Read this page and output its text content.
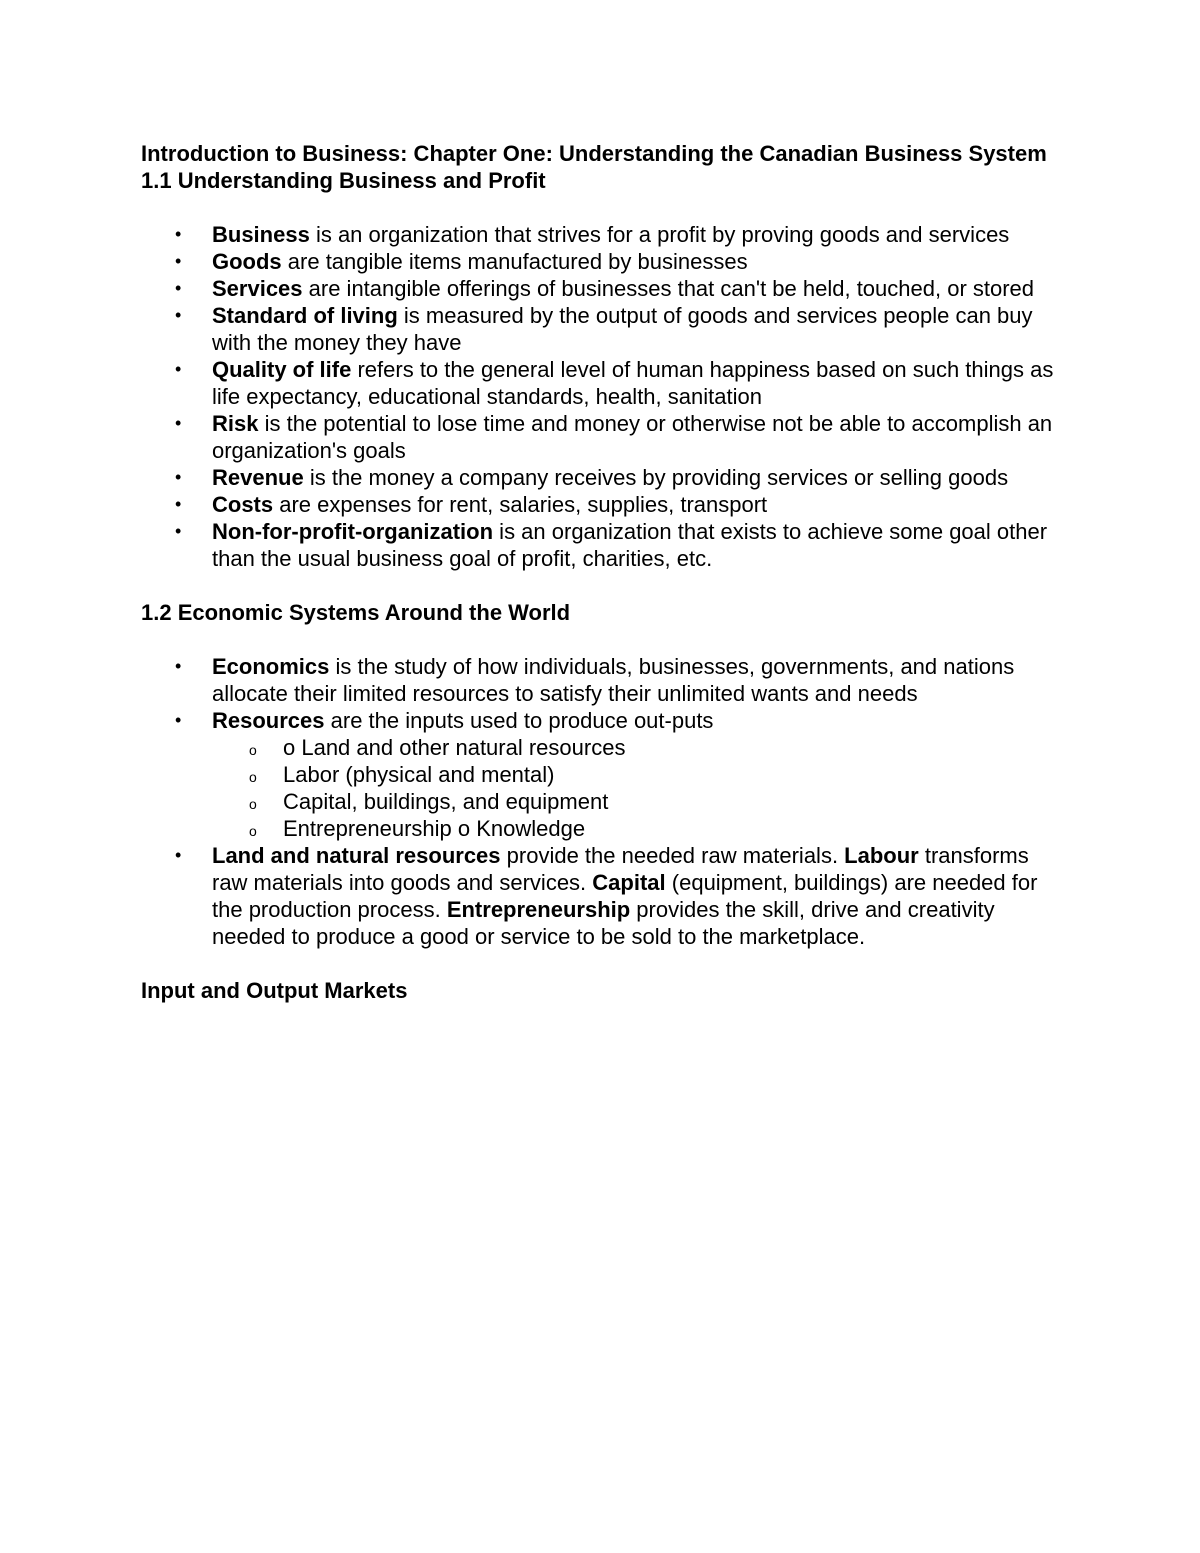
Introduction to Business: Chapter One: Understanding the Canadian Business System 1.1 Understanding Business and Profit

• Business is an organization that strives for a profit by proving goods and services
• Goods are tangible items manufactured by businesses
• Services are intangible offerings of businesses that can't be held, touched, or stored
• Standard of living is measured by the output of goods and services people can buy with the money they have
• Quality of life refers to the general level of human happiness based on such things as life expectancy, educational standards, health, sanitation
• Risk is the potential to lose time and money or otherwise not be able to accomplish an organization's goals
• Revenue is the money a company receives by providing services or selling goods
• Costs are expenses for rent, salaries, supplies, transport
• Non-for-profit-organization is an organization that exists to achieve some goal other than the usual business goal of profit, charities, etc.

1.2 Economic Systems Around the World

• Economics is the study of how individuals, businesses, governments, and nations allocate their limited resources to satisfy their unlimited wants and needs
• Resources are the inputs used to produce out-puts
o o Land and other natural resources
o Labor (physical and mental)
o Capital, buildings, and equipment
o Entrepreneurship o Knowledge
• Land and natural resources provide the needed raw materials. Labour transforms raw materials into goods and services. Capital (equipment, buildings) are needed for the production process. Entrepreneurship provides the skill, drive and creativity needed to produce a good or service to be sold to the marketplace.

Input and Output Markets
